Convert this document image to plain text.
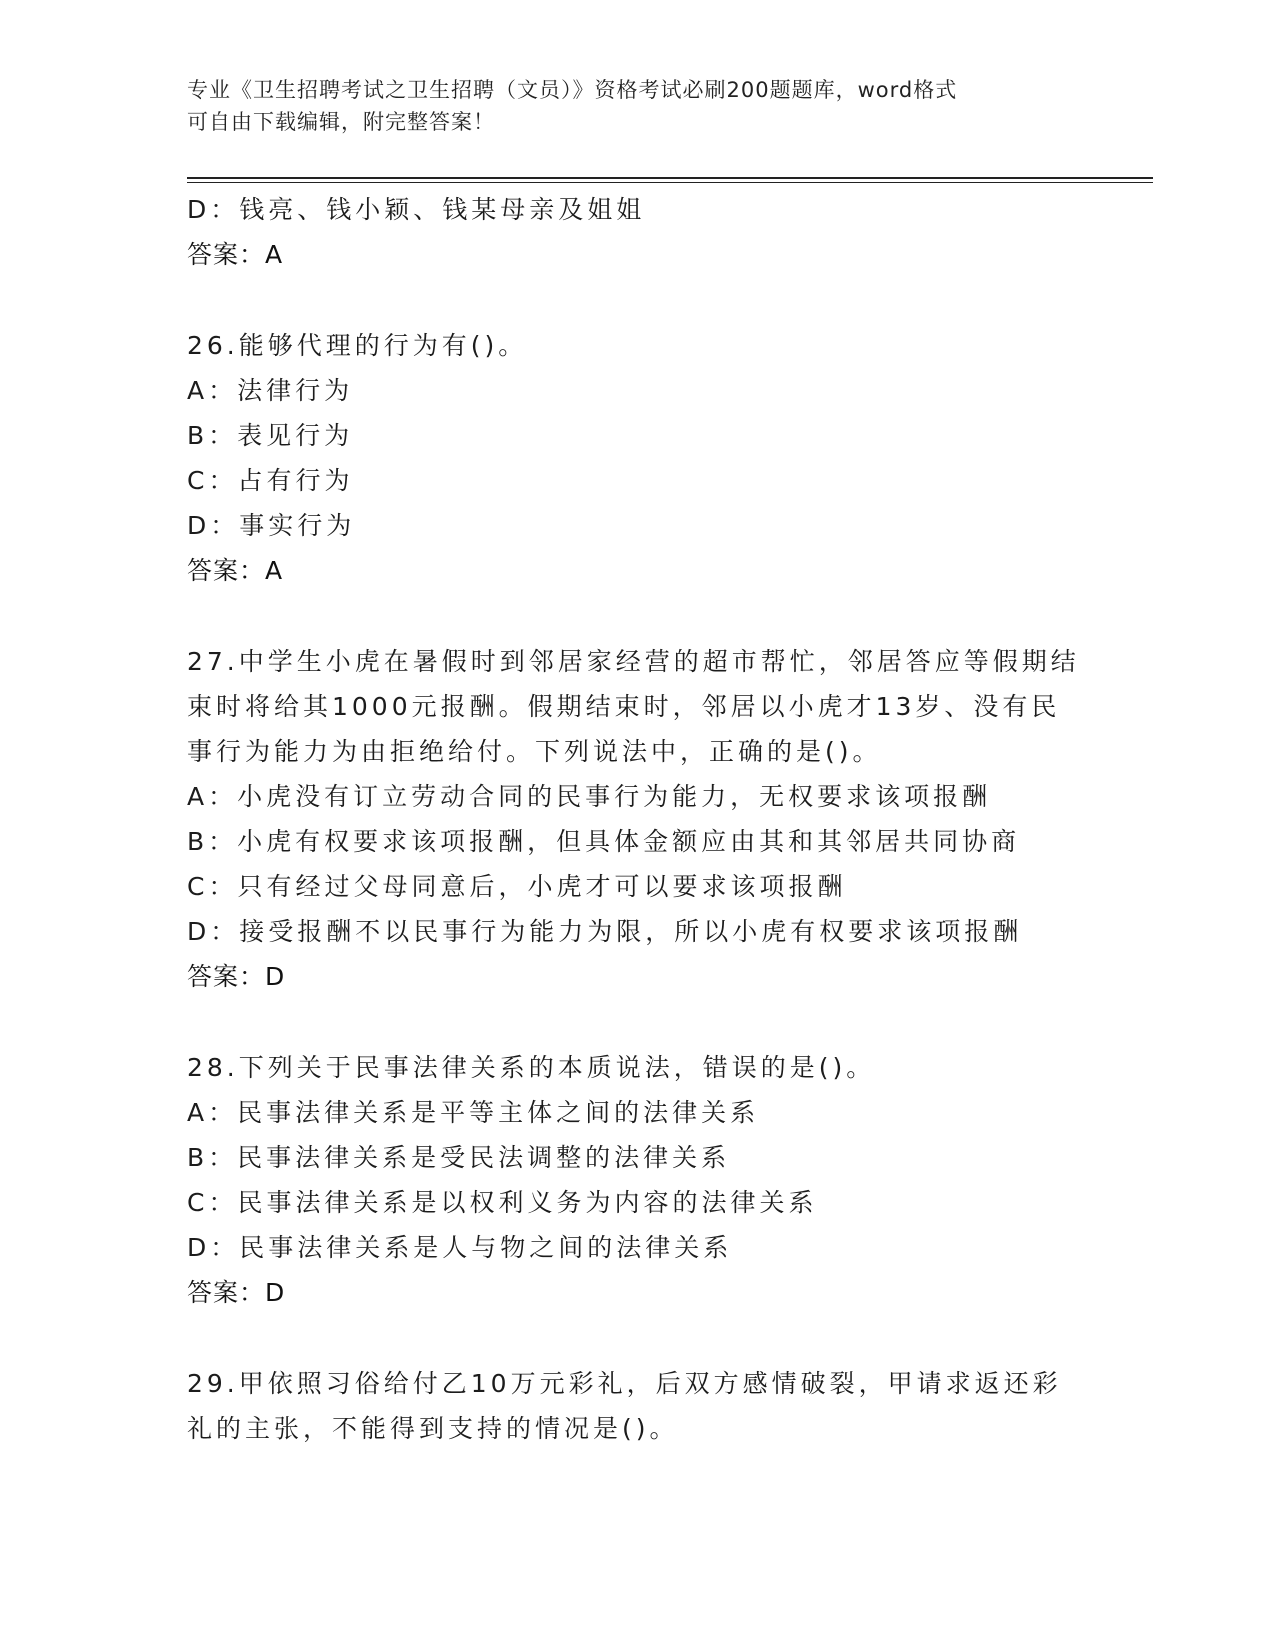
专业《卫生招聘考试之卫生招聘（文员）》资格考试必刷200题题库，word格式
可自由下载编辑，附完整答案！
D：钱亮、钱小颖、钱某母亲及姐姐
答案：A
26.能够代理的行为有()。
A：法律行为
B：表见行为
C：占有行为
D：事实行为
答案：A
27.中学生小虎在暑假时到邻居家经营的超市帮忙，邻居答应等假期结
束时将给其1000元报酬。假期结束时，邻居以小虎才13岁、没有民
事行为能力为由拒绝给付。下列说法中，正确的是()。
A：小虎没有订立劳动合同的民事行为能力，无权要求该项报酬
B：小虎有权要求该项报酬，但具体金额应由其和其邻居共同协商
C：只有经过父母同意后，小虎才可以要求该项报酬
D：接受报酬不以民事行为能力为限，所以小虎有权要求该项报酬
答案：D
28.下列关于民事法律关系的本质说法，错误的是()。
A：民事法律关系是平等主体之间的法律关系
B：民事法律关系是受民法调整的法律关系
C：民事法律关系是以权利义务为内容的法律关系
D：民事法律关系是人与物之间的法律关系
答案：D
29.甲依照习俗给付乙10万元彩礼，后双方感情破裂，甲请求返还彩
礼的主张，不能得到支持的情况是()。
